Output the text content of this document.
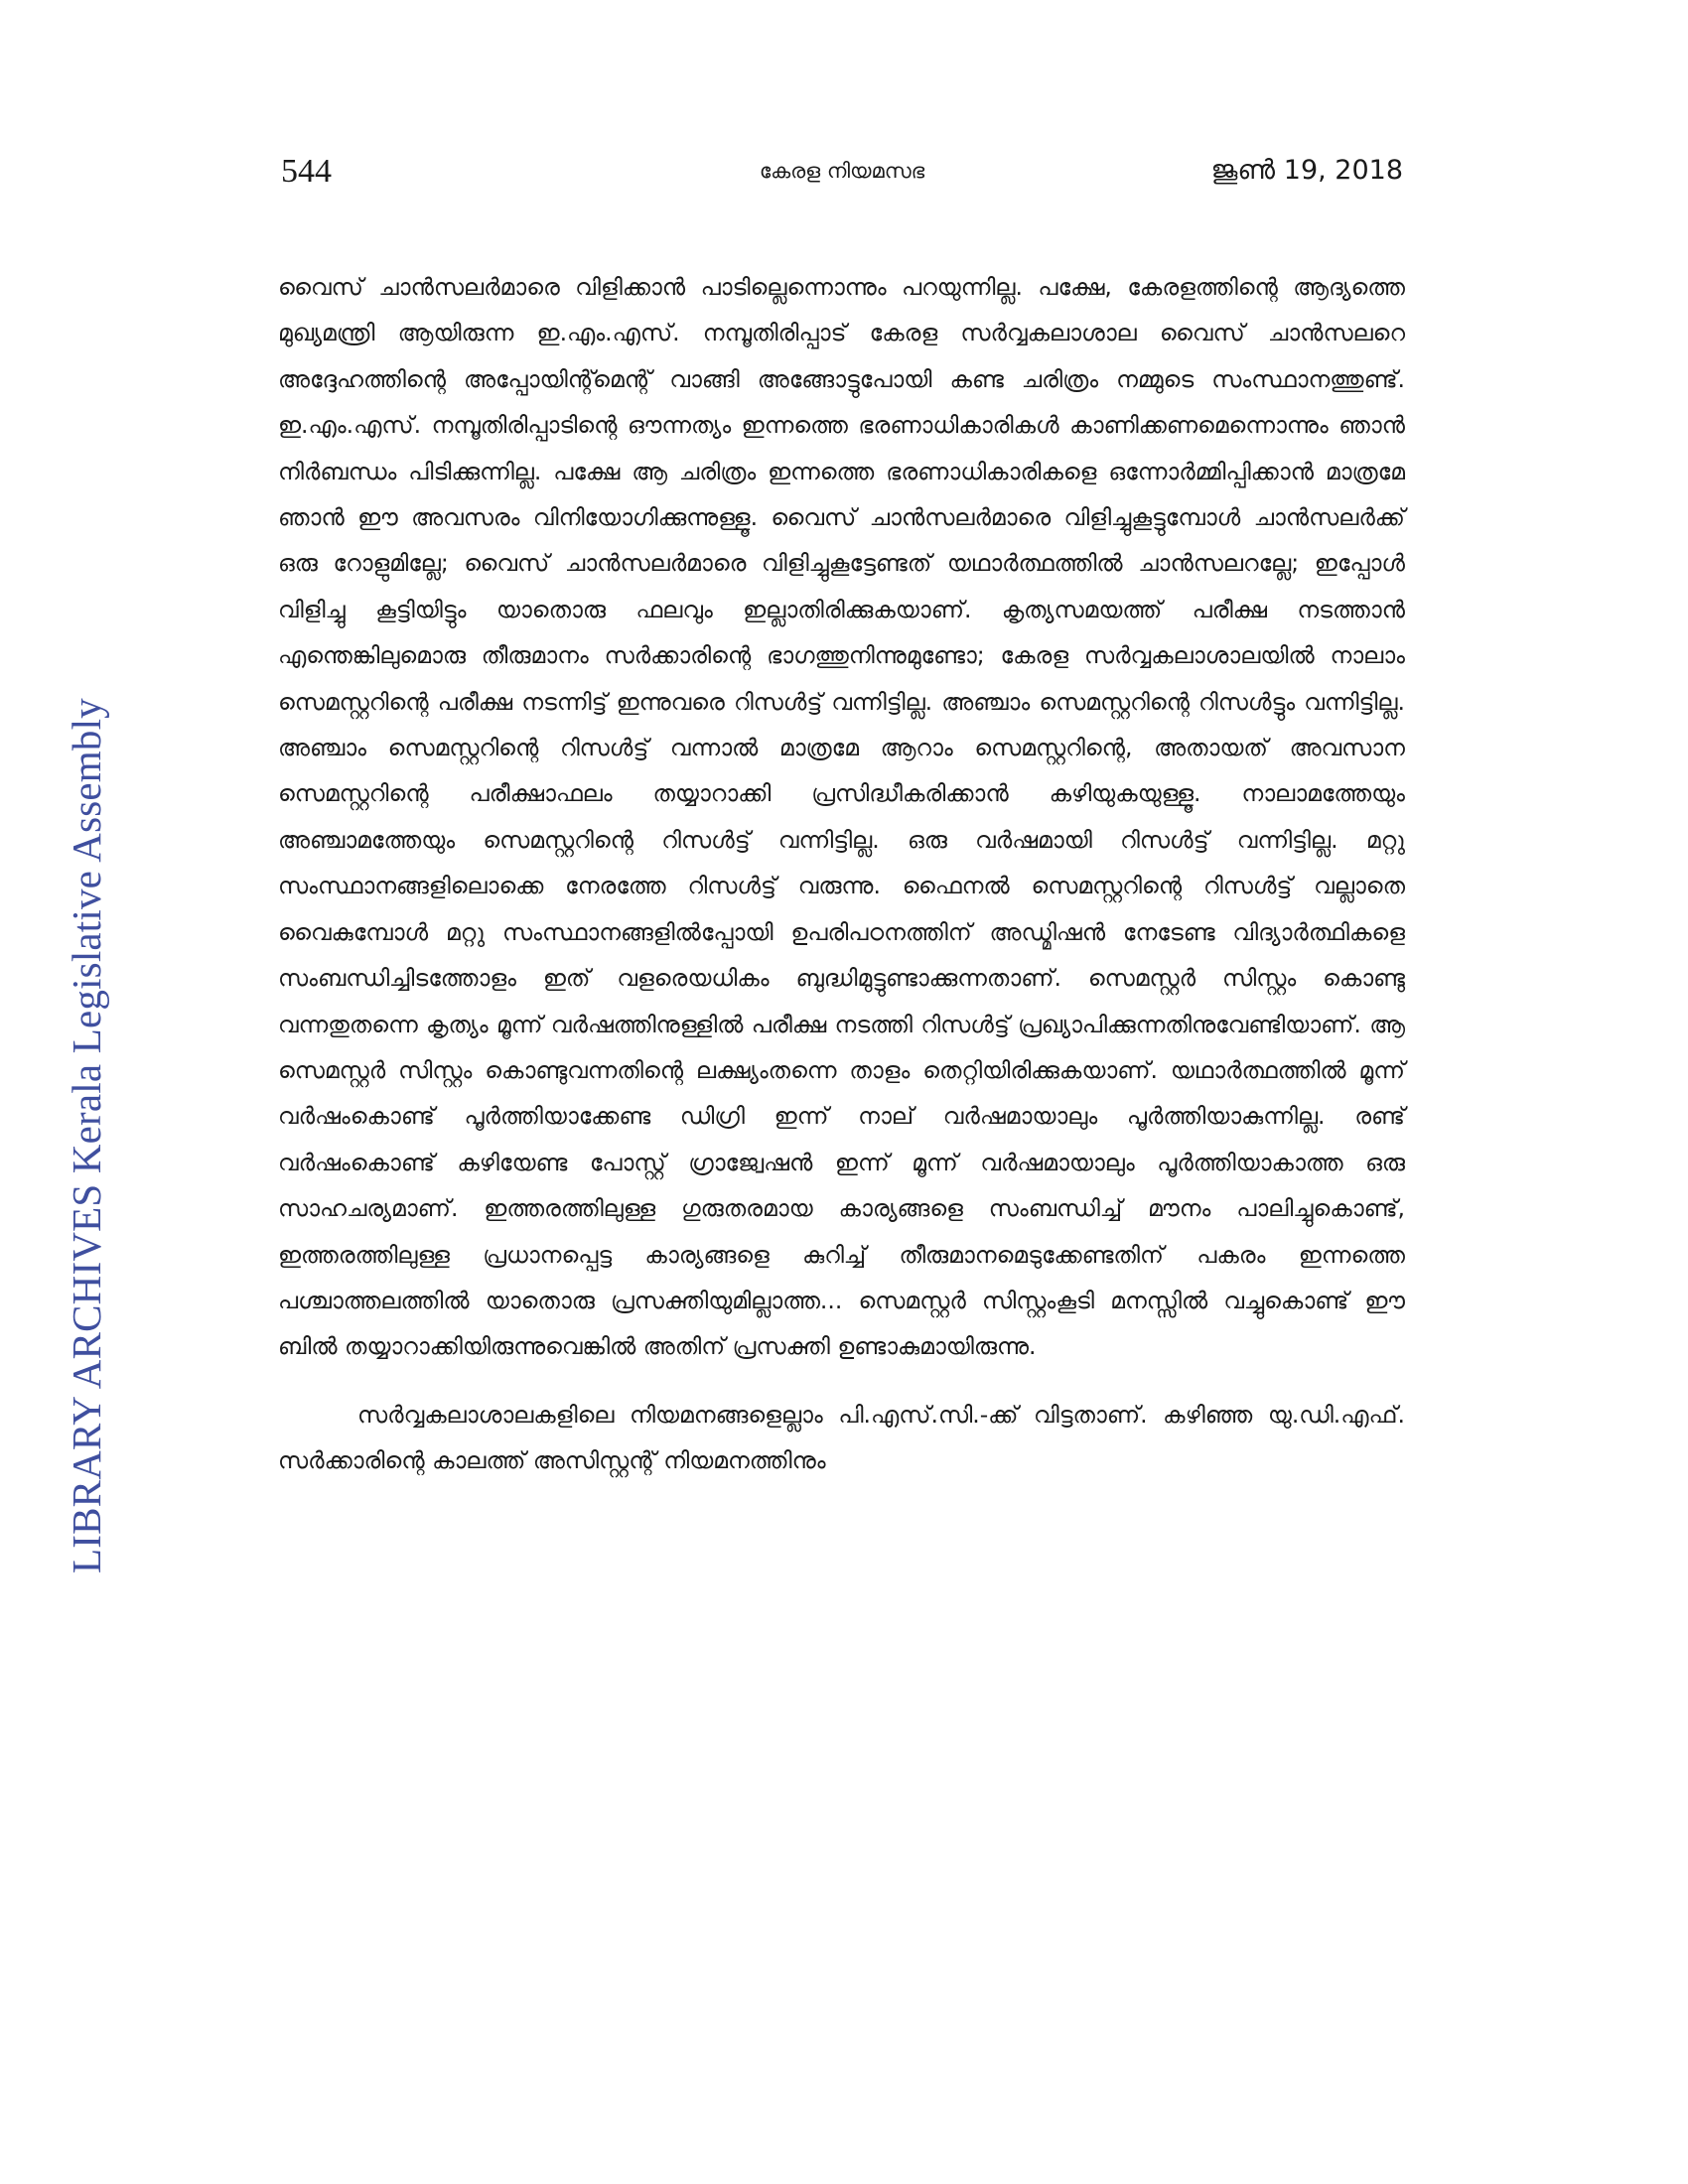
544	കേരള നിയമസഭ	ജൂൺ 19, 2018

വൈസ് ചാൻസലർമാരെ വിളിക്കാൻ പാടില്ലെന്നൊന്നും പറയുന്നില്ല. പക്ഷേ, കേരളത്തിന്റെ ആദ്യത്തെ മുഖ്യമന്ത്രി ആയിരുന്ന ഇ.എം.എസ്. നമ്പൂതിരിപ്പാട് കേരള സർവ്വകലാശാല വൈസ് ചാൻസലറെ അദ്ദേഹത്തിന്റെ അപ്പോയിന്റ്മെന്റ് വാങ്ങി അങ്ങോട്ടുപോയി കണ്ട ചരിത്രം നമ്മുടെ സംസ്ഥാനത്തുണ്ട്. ഇ.എം.എസ്. നമ്പൂതിരിപ്പാടിന്റെ ഔന്നത്യം ഇന്നത്തെ ഭരണാധികാരികൾ കാണിക്കണമെന്നൊന്നും ഞാൻ നിർബന്ധം പിടിക്കുന്നില്ല. പക്ഷേ ആ ചരിത്രം ഇന്നത്തെ ഭരണാധികാരികളെ ഒന്നോർമ്മിപ്പിക്കാൻ മാത്രമേ ഞാൻ ഈ അവസരം വിനിയോഗിക്കുന്നുള്ളൂ. വൈസ് ചാൻസലർമാരെ വിളിച്ചുകൂട്ടുമ്പോൾ ചാൻസലർക്ക് ഒരു റോളുമില്ലേ; വൈസ് ചാൻസലർമാരെ വിളിച്ചുകൂട്ടേണ്ടത് യഥാർത്ഥത്തിൽ ചാൻസലറല്ലേ; ഇപ്പോൾ വിളിച്ചു കൂട്ടിയിട്ടും യാതൊരു ഫലവും ഇല്ലാതിരിക്കുകയാണ്. കൃത്യസമയത്ത് പരീക്ഷ നടത്താൻ എന്തെങ്കിലുമൊരു തീരുമാനം സർക്കാരിന്റെ ഭാഗത്തുനിന്നുമുണ്ടോ; കേരള സർവ്വകലാശാലയിൽ നാലാം സെമസ്റ്ററിന്റെ പരീക്ഷ നടന്നിട്ട് ഇന്നുവരെ റിസൾട്ട് വന്നിട്ടില്ല. അഞ്ചാം സെമസ്റ്ററിന്റെ റിസൾട്ടും വന്നിട്ടില്ല. അഞ്ചാം സെമസ്റ്ററിന്റെ റിസൾട്ട് വന്നാൽ മാത്രമേ ആറാം സെമസ്റ്ററിന്റെ, അതായത് അവസാന സെമസ്റ്ററിന്റെ പരീക്ഷാഫലം തയ്യാറാക്കി പ്രസിദ്ധീകരിക്കാൻ കഴിയുകയുള്ളൂ. നാലാമത്തേയും അഞ്ചാമത്തേയും സെമസ്റ്ററിന്റെ റിസൾട്ട് വന്നിട്ടില്ല. ഒരു വർഷമായി റിസൾട്ട് വന്നിട്ടില്ല. മറ്റു സംസ്ഥാനങ്ങളിലൊക്കെ നേരത്തേ റിസൾട്ട് വരുന്നു. ഫൈനൽ സെമസ്റ്ററിന്റെ റിസൾട്ട് വല്ലാതെ വൈകുമ്പോൾ മറ്റു സംസ്ഥാനങ്ങളിൽപ്പോയി ഉപരിപഠനത്തിന് അഡ്മിഷൻ നേടേണ്ട വിദ്യാർത്ഥികളെ സംബന്ധിച്ചിടത്തോളം ഇത് വളരെയധികം ബുദ്ധിമുട്ടുണ്ടാക്കുന്നതാണ്. സെമസ്റ്റർ സിസ്റ്റം കൊണ്ടു വന്നതുതന്നെ കൃത്യം മൂന്ന് വർഷത്തിനുള്ളിൽ പരീക്ഷ നടത്തി റിസൾട്ട് പ്രഖ്യാപിക്കുന്നതിനുവേണ്ടിയാണ്. ആ സെമസ്റ്റർ സിസ്റ്റം കൊണ്ടുവന്നതിന്റെ ലക്ഷ്യംതന്നെ താളം തെറ്റിയിരിക്കുകയാണ്. യഥാർത്ഥത്തിൽ മൂന്ന് വർഷംകൊണ്ട് പൂർത്തിയാക്കേണ്ട ഡിഗ്രി ഇന്ന് നാല് വർഷമായാലും പൂർത്തിയാകുന്നില്ല. രണ്ട് വർഷംകൊണ്ട് കഴിയേണ്ട പോസ്റ്റ് ഗ്രാജ്വേഷൻ ഇന്ന് മൂന്ന് വർഷമായാലും പൂർത്തിയാകാത്ത ഒരു സാഹചര്യമാണ്. ഇത്തരത്തിലുള്ള ഗുരുതരമായ കാര്യങ്ങളെ സംബന്ധിച്ച് മൗനം പാലിച്ചുകൊണ്ട്, ഇത്തരത്തിലുള്ള പ്രധാനപ്പെട്ട കാര്യങ്ങളെ കുറിച്ച് തീരുമാനമെടുക്കേണ്ടതിന് പകരം ഇന്നത്തെ പശ്ചാത്തലത്തിൽ യാതൊരു പ്രസക്തിയുമില്ലാത്ത... സെമസ്റ്റർ സിസ്റ്റംകൂടി മനസ്സിൽ വച്ചുകൊണ്ട് ഈ ബിൽ തയ്യാറാക്കിയിരുന്നുവെങ്കിൽ അതിന് പ്രസക്തി ഉണ്ടാകുമായിരുന്നു.

സർവ്വകലാശാലകളിലെ നിയമനങ്ങളെല്ലാം പി.എസ്.സി.-ക്ക് വിട്ടതാണ്. കഴിഞ്ഞ യു.ഡി.എഫ്. സർക്കാരിന്റെ കാലത്ത് അസിസ്റ്റന്റ് നിയമനത്തിനും

LIBRARY ARCHIVES Kerala Legislative Assembly
